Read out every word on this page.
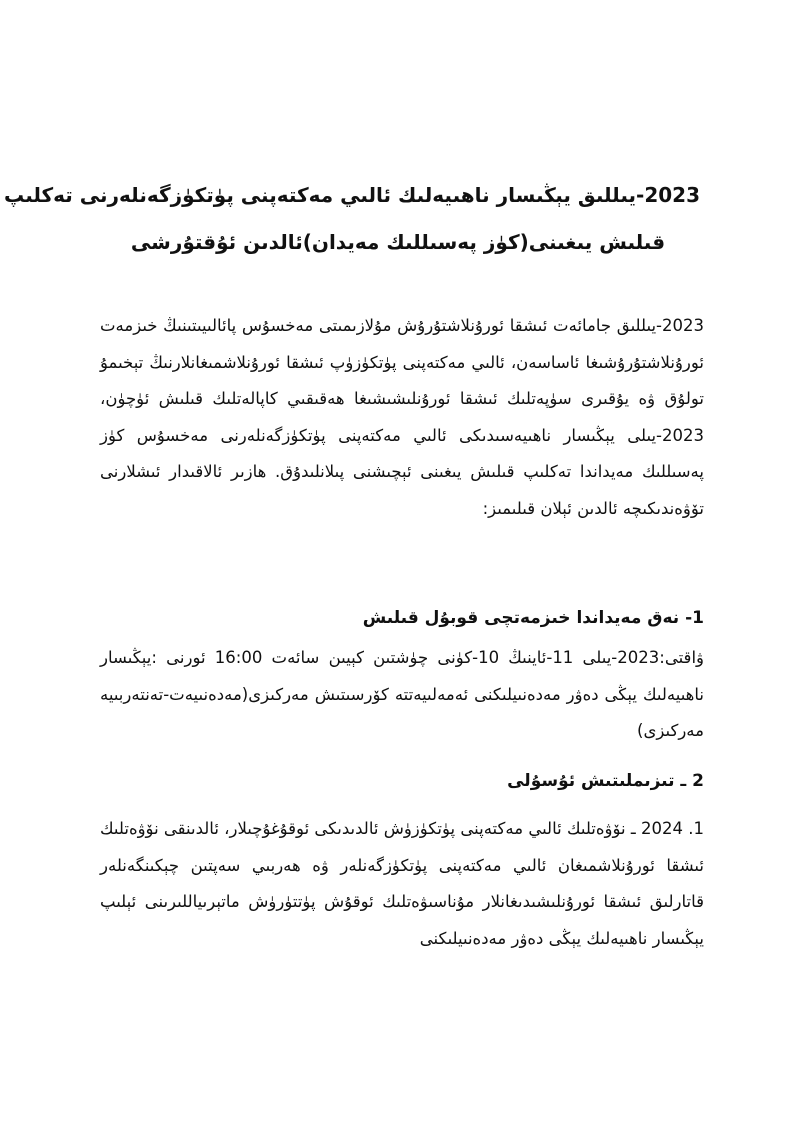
2023-يىللىق يېڭىسار ناھىيەلىك ئالىي مەكتەپنى پۈتكۈزگەنلەرنى تەكلىپ
قىلىش يىغىنى(كۈز پەسىللىك مەيدان)ئالدىن ئۇقتۇرشى

2023-يىللىق جامائەت ئىشقا ئورۇنلاشتۇرۇش مۇلازىمىتى مەخسۇس پائالىيىتىنىڭ خىزمەت ئورۇنلاشتۇرۇشىغا ئاساسەن، ئالىي مەكتەپنى پۈتكۈزۈپ ئىشقا ئورۇنلاشمىغانلارنىڭ تېخىمۇ تولۇق ۋە يۇقىرى سۈپەتلىك ئىشقا ئورۇنلىشىشىغا ھەقىقىي كاپالەتلىك قىلىش ئۈچۈن، 2023-يىلى يېڭىسار ناھىيەسىدىكى ئالىي مەكتەپنى پۈتكۈزگەنلەرنى مەخسۇس كۈز پەسىللىك مەيداندا تەكلىپ قىلىش يىغىنى ئېچىشنى پىلانلىدۇق. ھازىر ئالاقىدار ئىشلارنى تۆۋەندىكىچە ئالدىن ئېلان قىلىمىز:

1- نەق مەيداندا خىزمەتچى قوبۇل قىلىش

ۋاقتى:2023-يىلى 11-ئاينىڭ 10-كۈنى چۈشتىن كېيىن سائەت 16:00 ئورنى :يېڭىسار ناھىيەلىك يېڭى دەۋر مەدەنىيلىكنى ئەمەلىيەتتە كۆرسىتىش مەركىزى(مەدەنىيەت-تەنتەربىيە مەركىزى)

2 ـ تىزىملىتىش ئۇسۇلى

1. 2024 ـ نۆۋەتلىك ئالىي مەكتەپنى پۈتكۈزۈش ئالدىدىكى ئوقۇغۇچىلار، ئالدىنقى نۆۋەتلىك ئىشقا ئورۇنلاشمىغان ئالىي مەكتەپنى پۈتكۈزگەنلەر ۋە ھەربىي سەپتىن چېكىنگەنلەر قاتارلىق ئىشقا ئورۇنلىشىدىغانلار مۇناسىۋەتلىك ئوقۇش پۈتتۈرۈش ماتېرىياللىرىنى ئېلىپ يېڭىسار ناھىيەلىك يېڭى دەۋر مەدەنىيلىكنى
